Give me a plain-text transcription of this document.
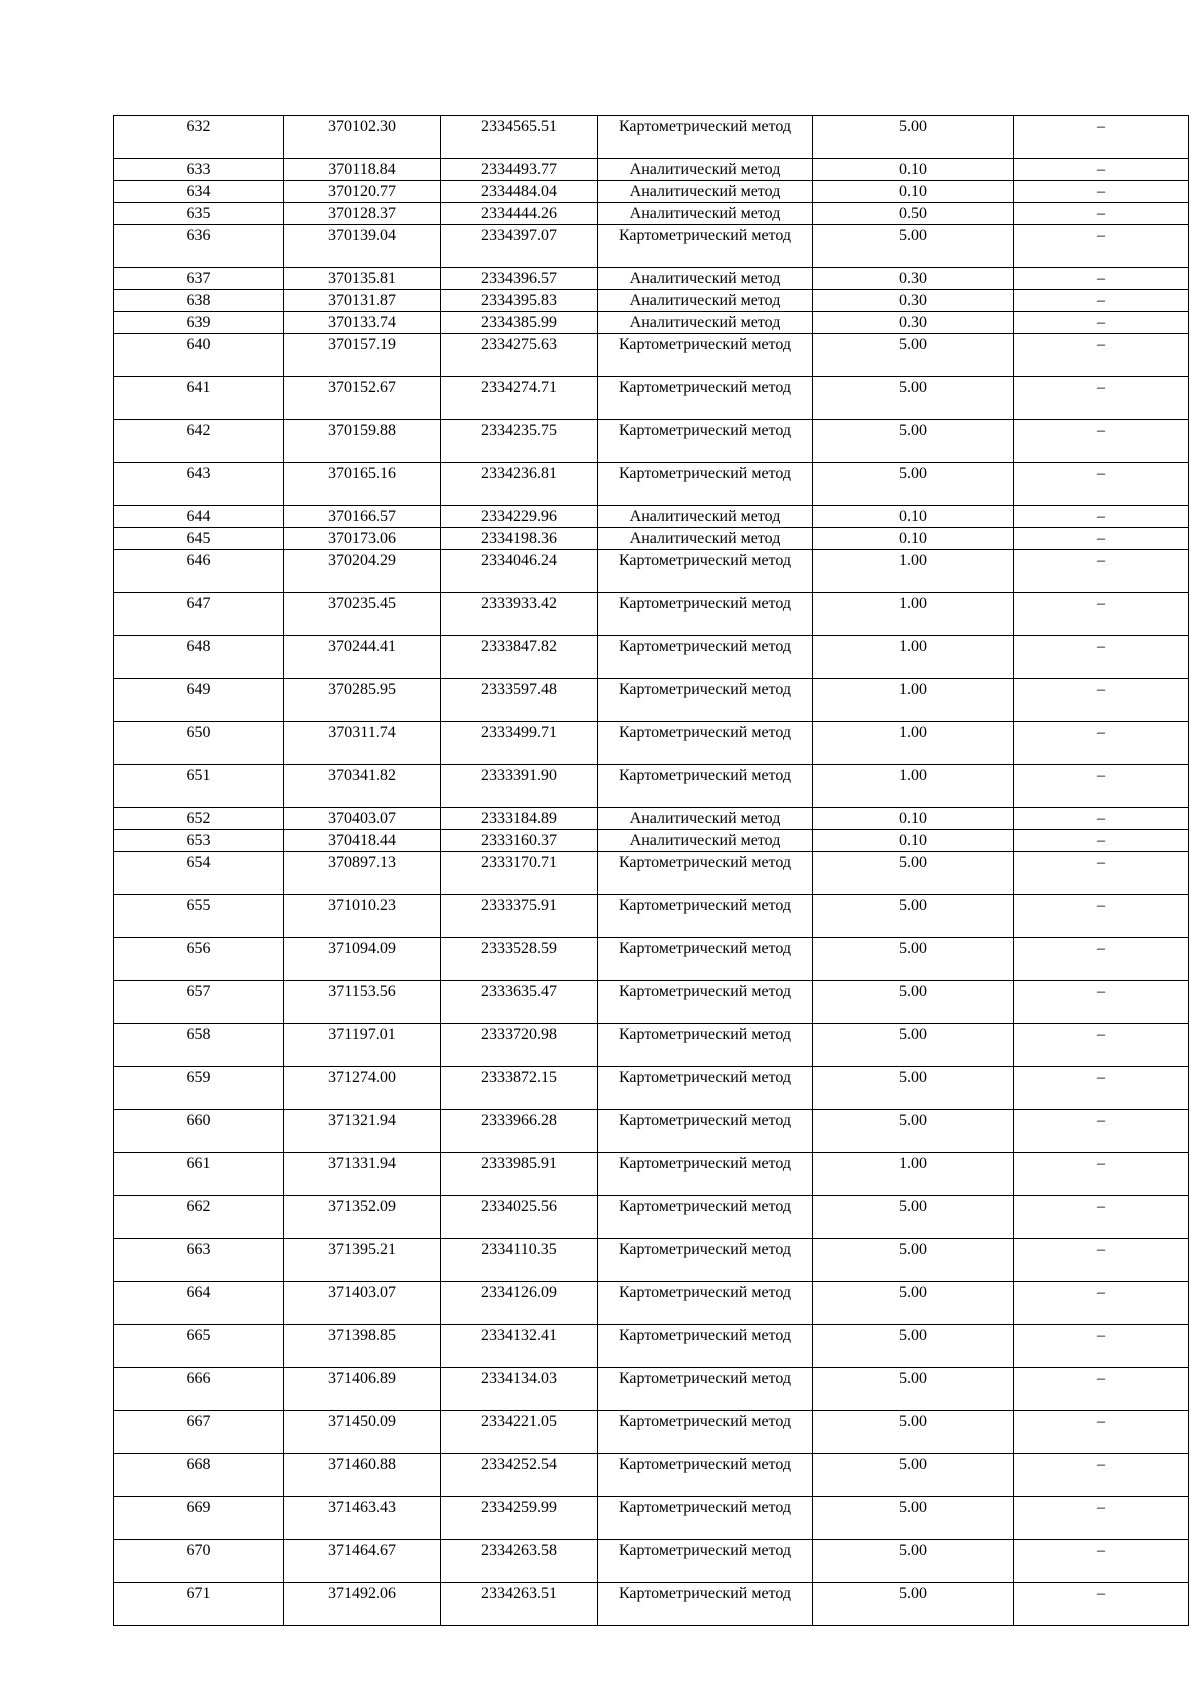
632	370102.30	2334565.51	Картометрический метод	5.00	–
633	370118.84	2334493.77	Аналитический метод	0.10	–
634	370120.77	2334484.04	Аналитический метод	0.10	–
635	370128.37	2334444.26	Аналитический метод	0.50	–
636	370139.04	2334397.07	Картометрический метод	5.00	–
637	370135.81	2334396.57	Аналитический метод	0.30	–
638	370131.87	2334395.83	Аналитический метод	0.30	–
639	370133.74	2334385.99	Аналитический метод	0.30	–
640	370157.19	2334275.63	Картометрический метод	5.00	–
641	370152.67	2334274.71	Картометрический метод	5.00	–
642	370159.88	2334235.75	Картометрический метод	5.00	–
643	370165.16	2334236.81	Картометрический метод	5.00	–
644	370166.57	2334229.96	Аналитический метод	0.10	–
645	370173.06	2334198.36	Аналитический метод	0.10	–
646	370204.29	2334046.24	Картометрический метод	1.00	–
647	370235.45	2333933.42	Картометрический метод	1.00	–
648	370244.41	2333847.82	Картометрический метод	1.00	–
649	370285.95	2333597.48	Картометрический метод	1.00	–
650	370311.74	2333499.71	Картометрический метод	1.00	–
651	370341.82	2333391.90	Картометрический метод	1.00	–
652	370403.07	2333184.89	Аналитический метод	0.10	–
653	370418.44	2333160.37	Аналитический метод	0.10	–
654	370897.13	2333170.71	Картометрический метод	5.00	–
655	371010.23	2333375.91	Картометрический метод	5.00	–
656	371094.09	2333528.59	Картометрический метод	5.00	–
657	371153.56	2333635.47	Картометрический метод	5.00	–
658	371197.01	2333720.98	Картометрический метод	5.00	–
659	371274.00	2333872.15	Картометрический метод	5.00	–
660	371321.94	2333966.28	Картометрический метод	5.00	–
661	371331.94	2333985.91	Картометрический метод	1.00	–
662	371352.09	2334025.56	Картометрический метод	5.00	–
663	371395.21	2334110.35	Картометрический метод	5.00	–
664	371403.07	2334126.09	Картометрический метод	5.00	–
665	371398.85	2334132.41	Картометрический метод	5.00	–
666	371406.89	2334134.03	Картометрический метод	5.00	–
667	371450.09	2334221.05	Картометрический метод	5.00	–
668	371460.88	2334252.54	Картометрический метод	5.00	–
669	371463.43	2334259.99	Картометрический метод	5.00	–
670	371464.67	2334263.58	Картометрический метод	5.00	–
671	371492.06	2334263.51	Картометрический метод	5.00	–
